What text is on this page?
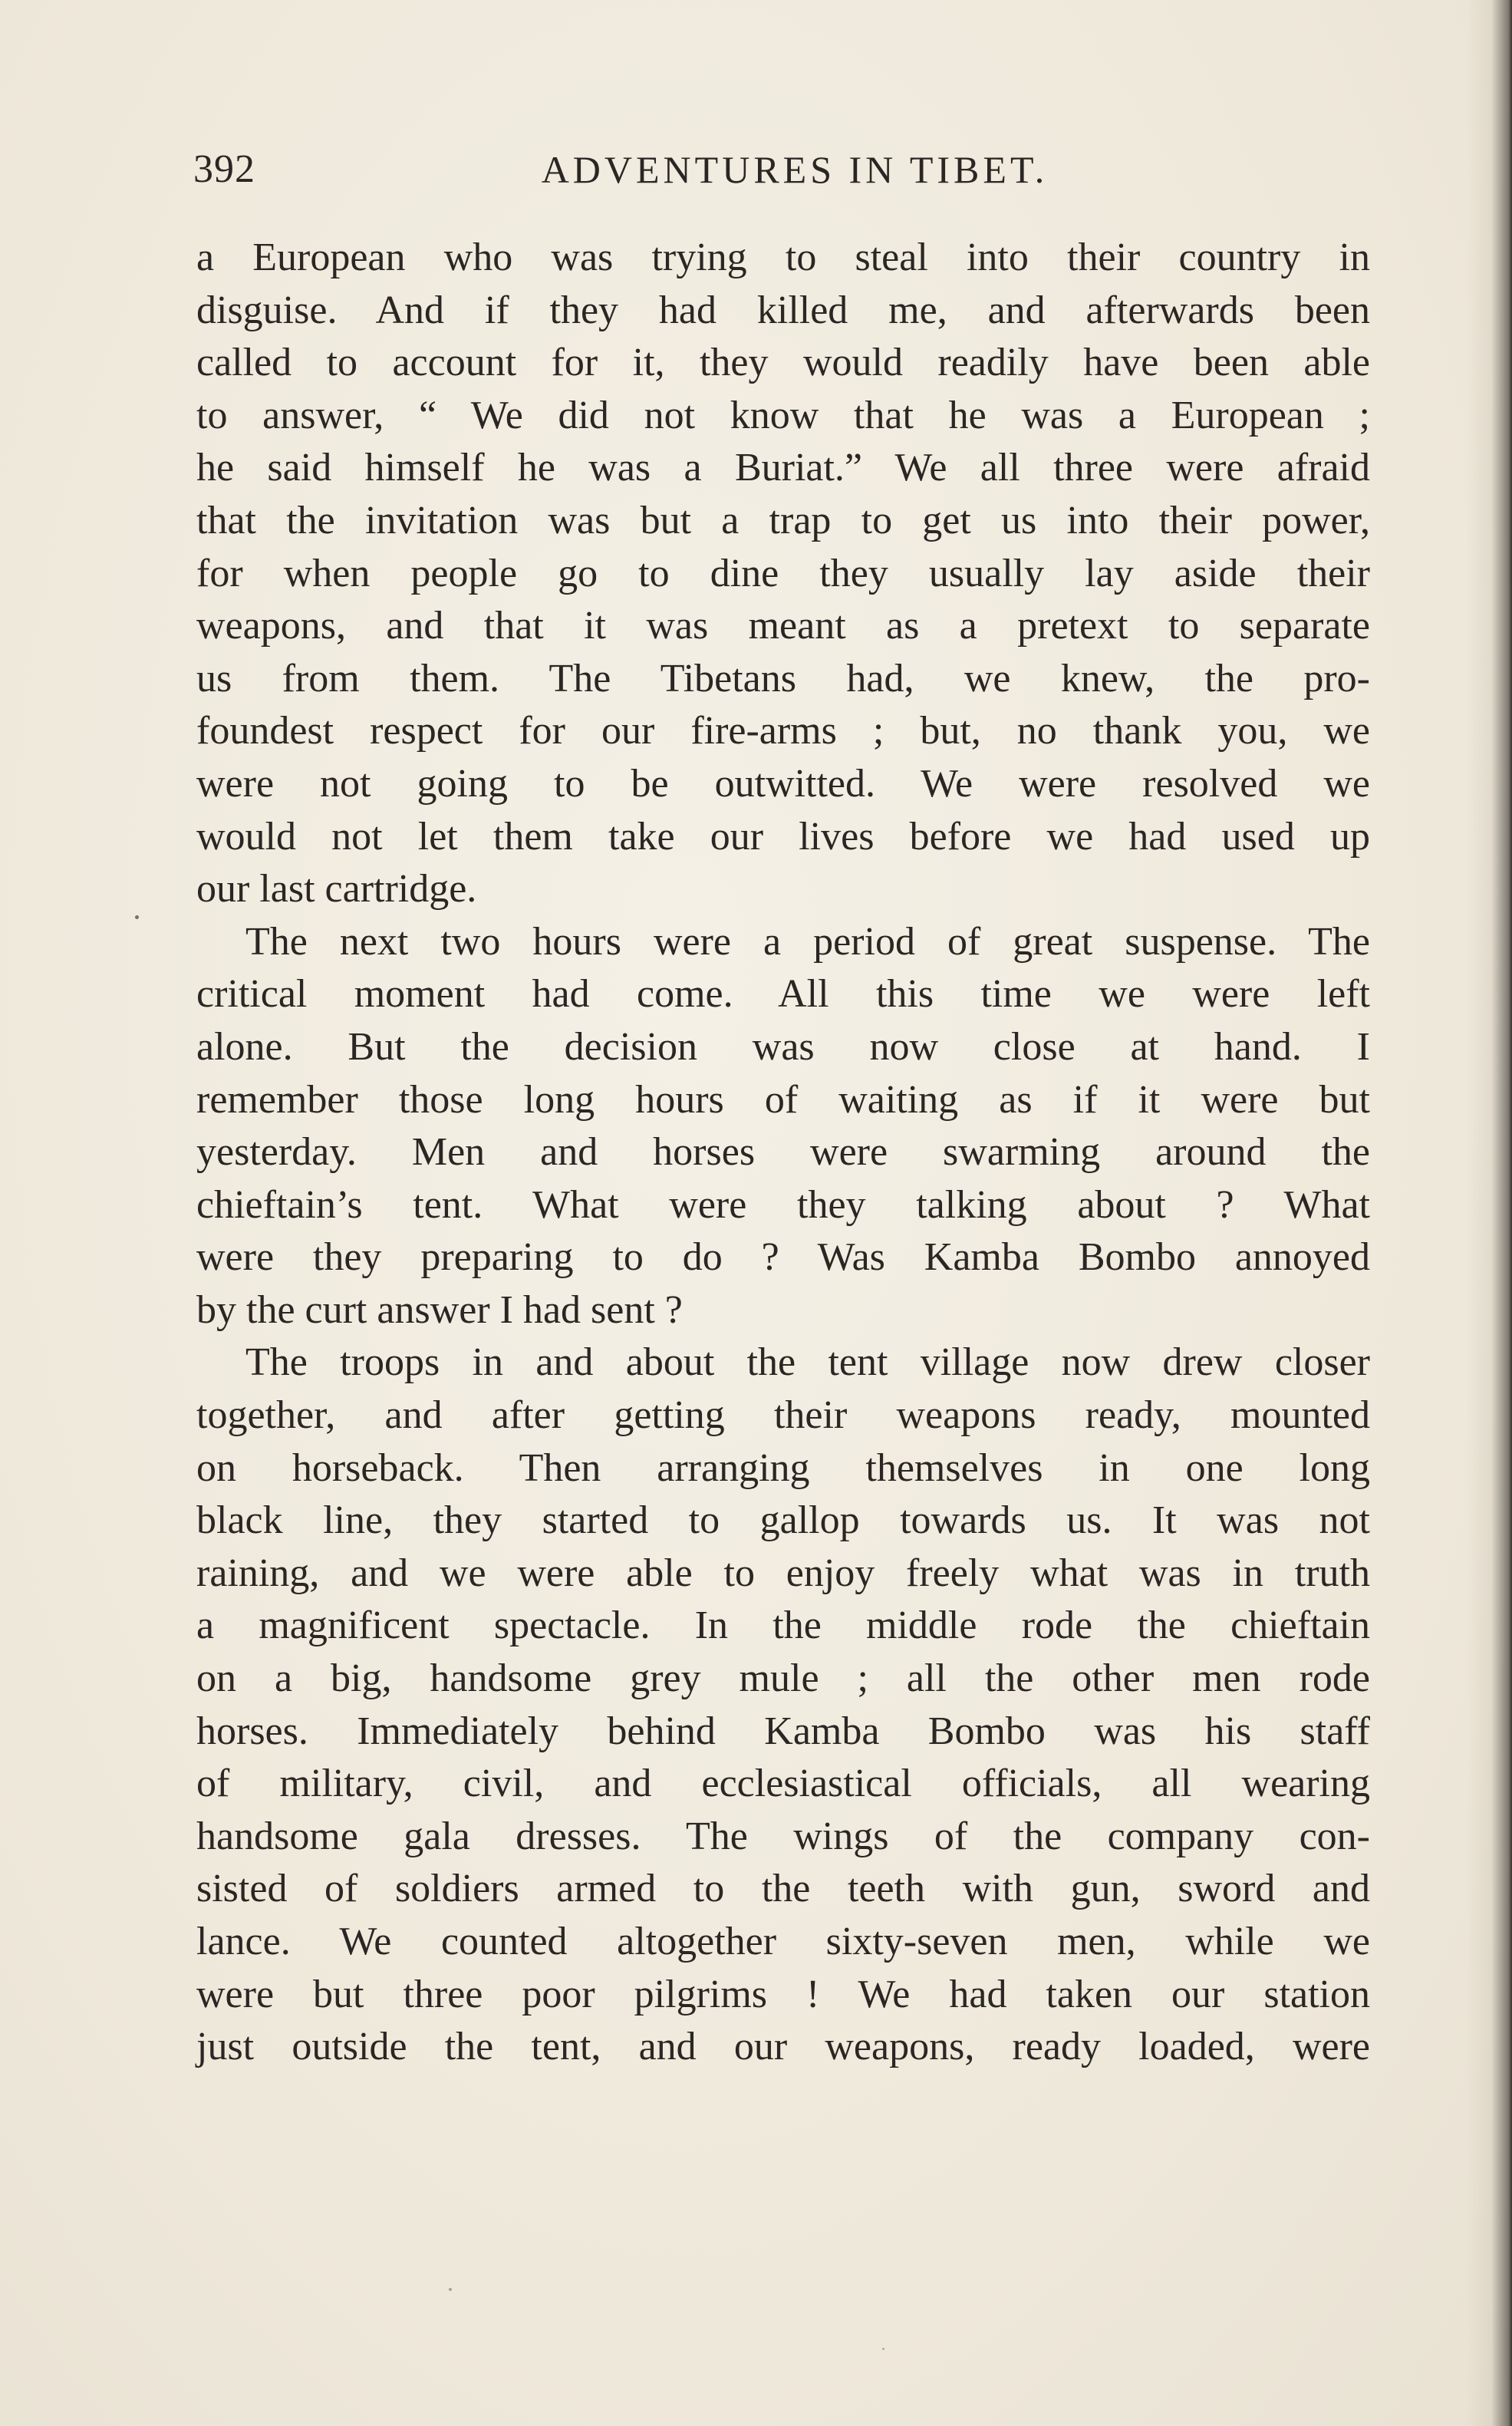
392	ADVENTURES IN TIBET.
a European who was trying to steal into their country in
disguise. And if they had killed me, and afterwards been
called to account for it, they would readily have been able
to answer, “ We did not know that he was a European ;
he said himself he was a Buriat.” We all three were afraid
that the invitation was but a trap to get us into their power,
for when people go to dine they usually lay aside their
weapons, and that it was meant as a pretext to separate
us from them. The Tibetans had, we knew, the pro-
foundest respect for our fire-arms ; but, no thank you, we
were not going to be outwitted. We were resolved we
would not let them take our lives before we had used up
our last cartridge.
The next two hours were a period of great suspense. The
critical moment had come. All this time we were left
alone. But the decision was now close at hand. I
remember those long hours of waiting as if it were but
yesterday. Men and horses were swarming around the
chieftain’s tent. What were they talking about ? What
were they preparing to do ? Was Kamba Bombo annoyed
by the curt answer I had sent ?
The troops in and about the tent village now drew closer
together, and after getting their weapons ready, mounted
on horseback. Then arranging themselves in one long
black line, they started to gallop towards us. It was not
raining, and we were able to enjoy freely what was in truth
a magnificent spectacle. In the middle rode the chieftain
on a big, handsome grey mule ; all the other men rode
horses. Immediately behind Kamba Bombo was his staff
of military, civil, and ecclesiastical officials, all wearing
handsome gala dresses. The wings of the company con-
sisted of soldiers armed to the teeth with gun, sword and
lance. We counted altogether sixty-seven men, while we
were but three poor pilgrims ! We had taken our station
just outside the tent, and our weapons, ready loaded, were
